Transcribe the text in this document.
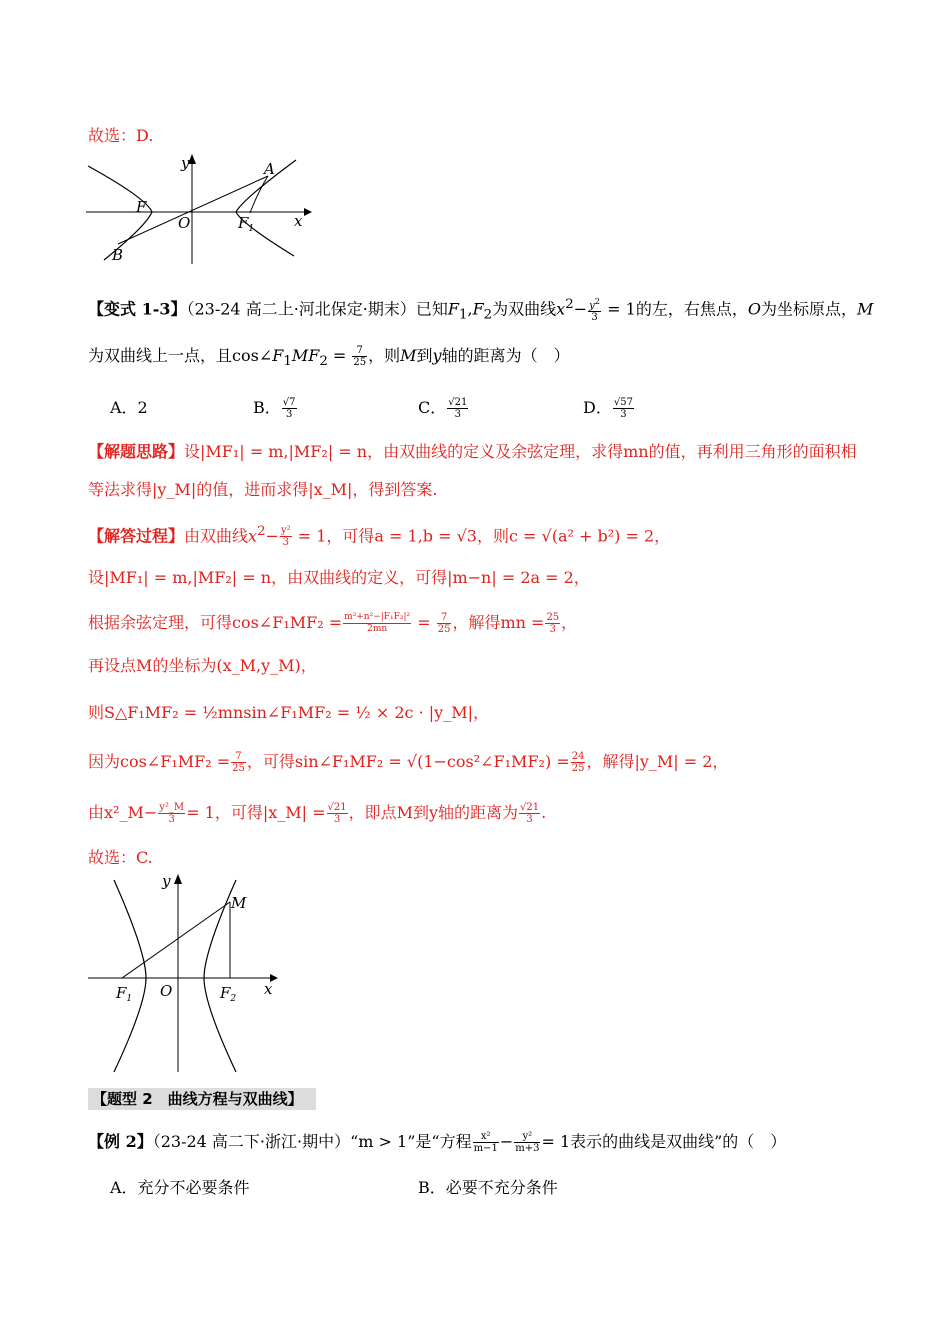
故选：D.
y	A
F
O	$F_1$	x
B
【变式 1-3】（23-24 高二上·河北保定·期末）已知$F_1,F_2$为双曲线$x^2- \frac{y^2}{3} = 1$的左，右焦点，O为坐标原点，M
为双曲线上一点，且$\cos\angle F_1MF_2 = \frac{7}{25}$ ，则M到y轴的距离为（　）
A．2	B． $\frac{√7}{3}$	C． $\frac{√21}{3}$	D． $\frac{√57}{3}$
【解题思路】设|MF₁| = m,|MF₂| = n，由双曲线的定义及余弦定理，求得mn的值，再利用三角形的面积相
等法求得|y_M|的值，进而求得|x_M|，得到答案.
【解答过程】由双曲线$x^2- \frac{\text{y²}}{3} = 1$，可得a = 1,b = √3，则c = √(a² + b²) = 2，
设|MF₁| = m,|MF₂| = n，由双曲线的定义，可得|m−n| = 2a = 2，
根据余弦定理，可得cos∠F₁MF₂ = $\frac{\text{m²+n²−|F₁F₂|²}}{2mn} = \frac{7}{25}$ ，解得mn = $\frac{25}{3}$ ，
再设点M的坐标为(x_M,y_M)，
则S△F₁MF₂ = ½mnsin∠F₁MF₂ = ½ × 2c · |y_M|，
因为cos∠F₁MF₂ = $\frac{7}{25}$ ，可得sin∠F₁MF₂ = √(1−cos²∠F₁MF₂) = $\frac{24}{25}$ ，解得|y_M| = 2，
由x²_M− $\frac{\text{y²\_M}}{3} = 1$，可得|x_M| = $\frac{√21}{3}$ ，即点M到y轴的距离为 $\frac{√21}{3}$ .
故选：C.
y
M
$F_1$ O	$F_2$
x
【题型 2　曲线方程与双曲线】
【例 2】（23-24 高二下·浙江·期中）“m > 1”是“方程 $\frac{\text{x²}}{m-1} - \frac{\text{y²}}{m+3} = 1$表示的曲线是双曲线”的（　）
A．充分不必要条件	B．必要不充分条件
